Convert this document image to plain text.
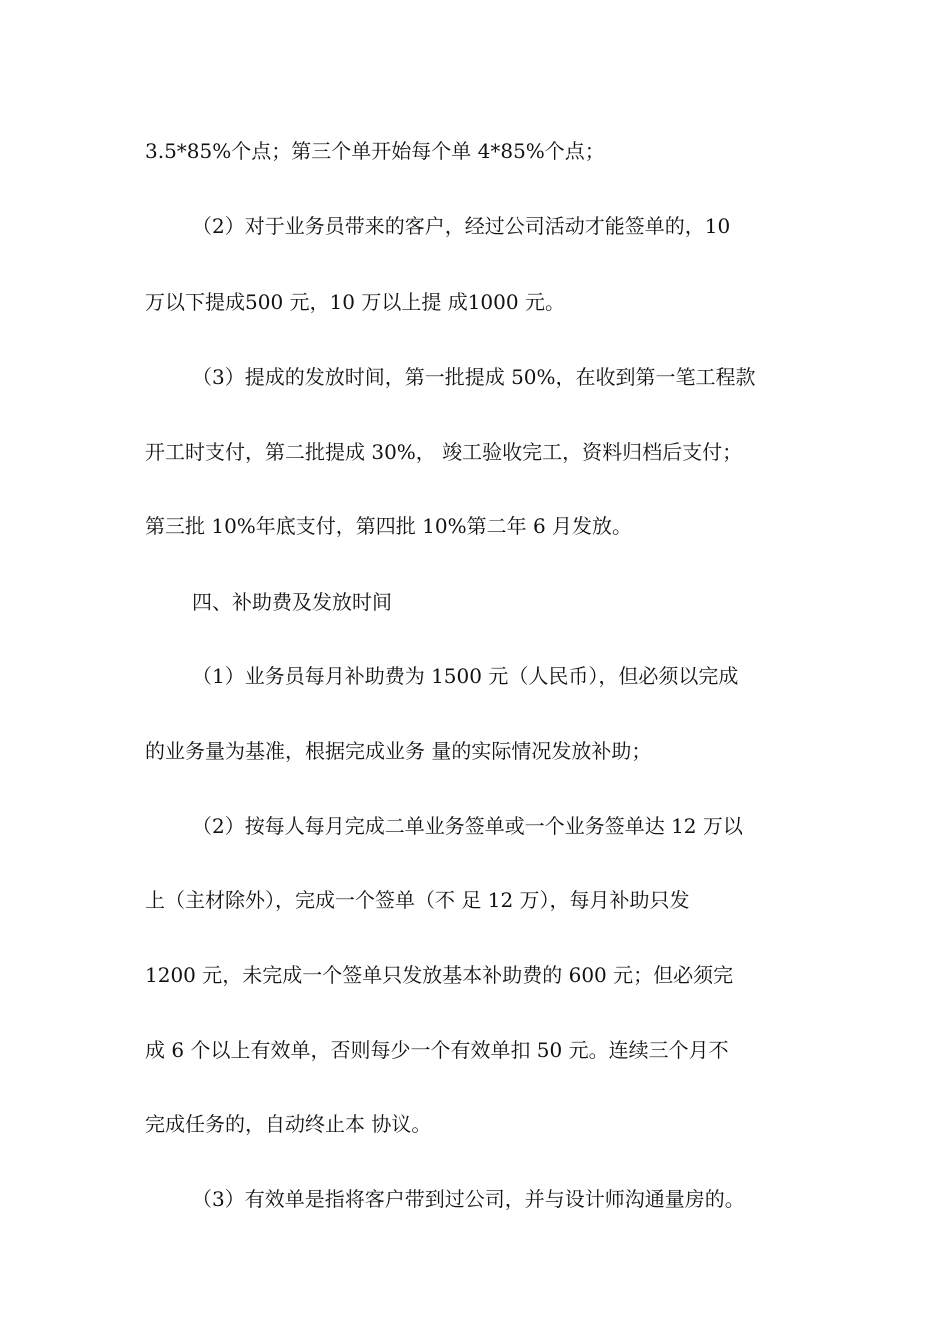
3.5*85%个点；第三个单开始每个单 4*85%个点；
（2）对于业务员带来的客户，经过公司活动才能签单的，10
万以下提成500 元，10 万以上提 成1000 元。
（3）提成的发放时间，第一批提成 50%，在收到第一笔工程款
开工时支付，第二批提成 30%， 竣工验收完工，资料归档后支付；
第三批 10%年底支付，第四批 10%第二年 6 月发放。
四、补助费及发放时间
（1）业务员每月补助费为 1500 元（人民币），但必须以完成
的业务量为基准，根据完成业务 量的实际情况发放补助；
（2）按每人每月完成二单业务签单或一个业务签单达 12 万以
上（主材除外），完成一个签单（不 足 12 万），每月补助只发
1200 元，未完成一个签单只发放基本补助费的 600 元；但必须完
成 6 个以上有效单，否则每少一个有效单扣 50 元。连续三个月不
完成任务的，自动终止本 协议。
（3）有效单是指将客户带到过公司，并与设计师沟通量房的。
